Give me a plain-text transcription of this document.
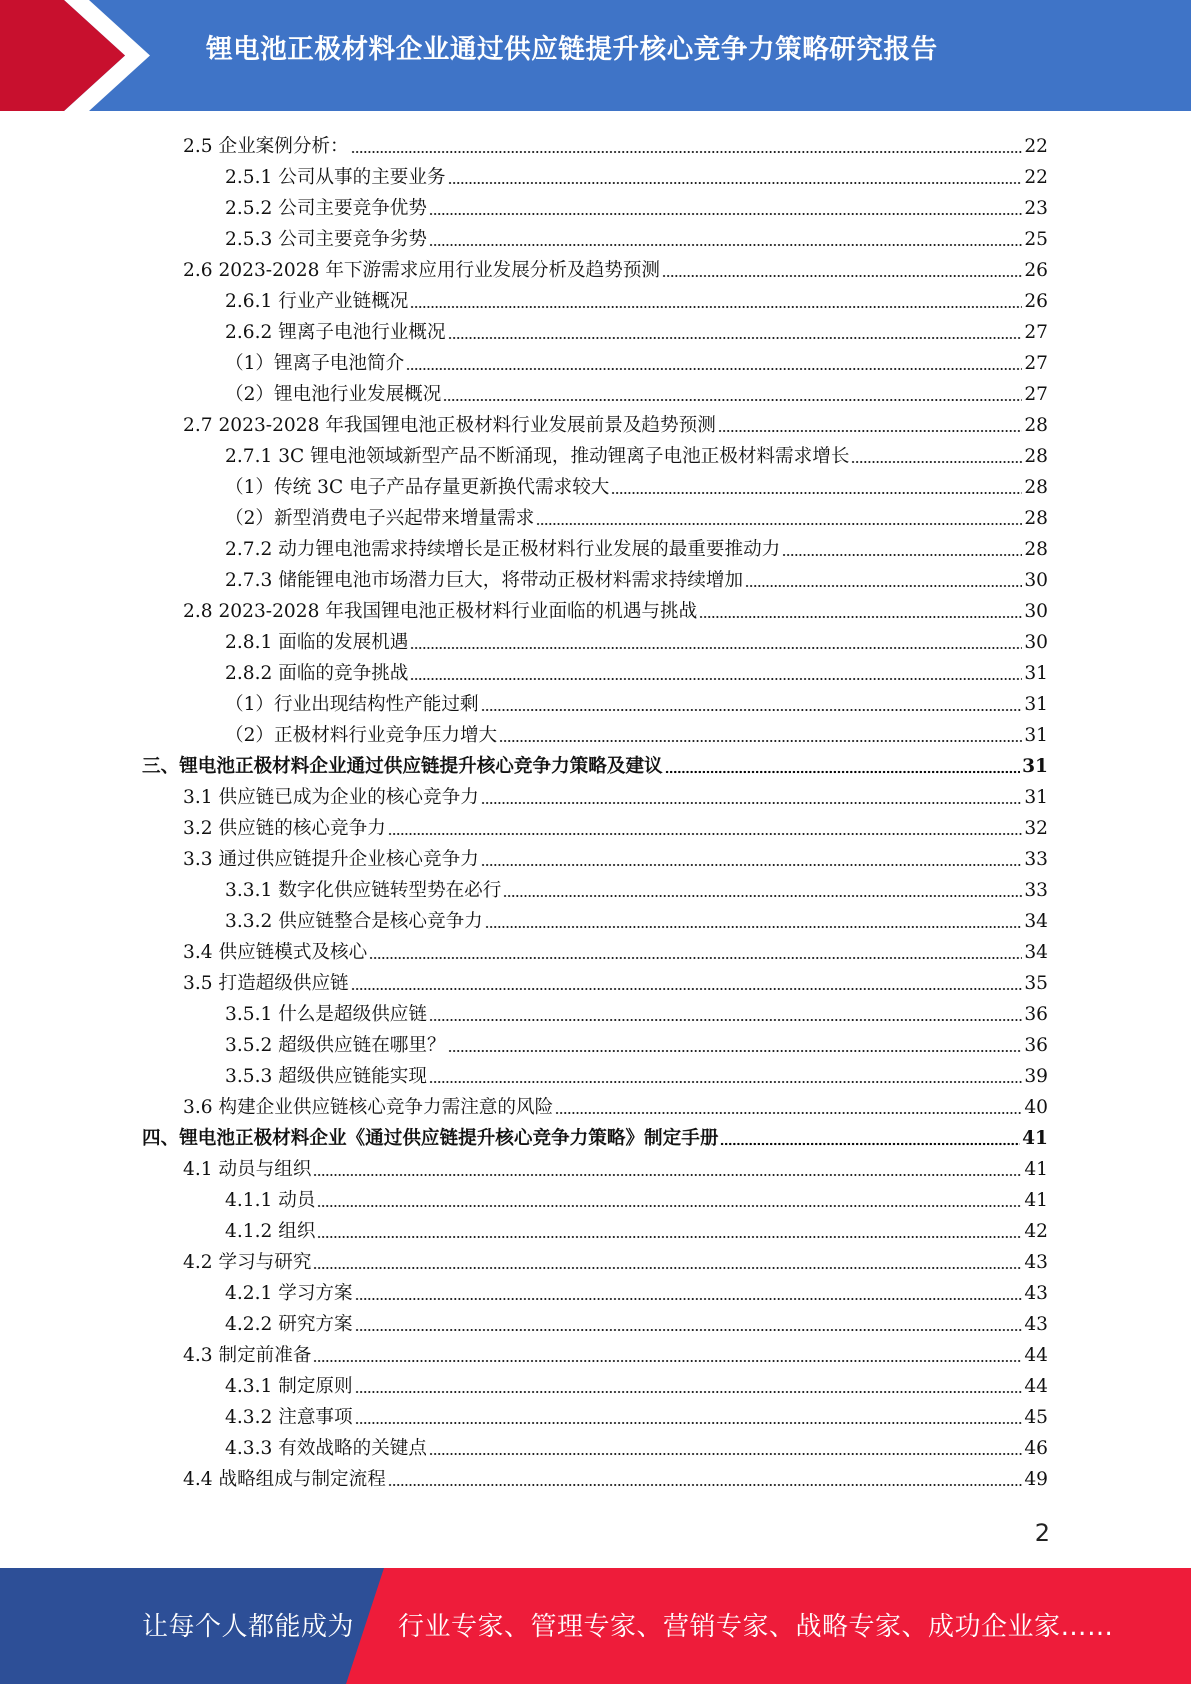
锂电池正极材料企业通过供应链提升核心竞争力策略研究报告
2.5 企业案例分析：	22
2.5.1 公司从事的主要业务	22
2.5.2 公司主要竞争优势	23
2.5.3 公司主要竞争劣势	25
2.6 2023-2028 年下游需求应用行业发展分析及趋势预测	26
2.6.1 行业产业链概况	26
2.6.2 锂离子电池行业概况	27
（1）锂离子电池简介	27
（2）锂电池行业发展概况	27
2.7 2023-2028 年我国锂电池正极材料行业发展前景及趋势预测	28
2.7.1 3C 锂电池领域新型产品不断涌现，推动锂离子电池正极材料需求增长	28
（1）传统 3C 电子产品存量更新换代需求较大	28
（2）新型消费电子兴起带来增量需求	28
2.7.2 动力锂电池需求持续增长是正极材料行业发展的最重要推动力	28
2.7.3 储能锂电池市场潜力巨大，将带动正极材料需求持续增加	30
2.8 2023-2028 年我国锂电池正极材料行业面临的机遇与挑战	30
2.8.1 面临的发展机遇	30
2.8.2 面临的竞争挑战	31
（1）行业出现结构性产能过剩	31
（2）正极材料行业竞争压力增大	31
三、锂电池正极材料企业通过供应链提升核心竞争力策略及建议	31
3.1 供应链已成为企业的核心竞争力	31
3.2 供应链的核心竞争力	32
3.3 通过供应链提升企业核心竞争力	33
3.3.1 数字化供应链转型势在必行	33
3.3.2 供应链整合是核心竞争力	34
3.4 供应链模式及核心	34
3.5 打造超级供应链	35
3.5.1 什么是超级供应链	36
3.5.2 超级供应链在哪里？	36
3.5.3 超级供应链能实现	39
3.6 构建企业供应链核心竞争力需注意的风险	40
四、锂电池正极材料企业《通过供应链提升核心竞争力策略》制定手册	41
4.1 动员与组织	41
4.1.1 动员	41
4.1.2 组织	42
4.2 学习与研究	43
4.2.1 学习方案	43
4.2.2 研究方案	43
4.3 制定前准备	44
4.3.1 制定原则	44
4.3.2 注意事项	45
4.3.3 有效战略的关键点	46
4.4 战略组成与制定流程	49
2
让每个人都能成为 行业专家、管理专家、营销专家、战略专家、成功企业家……
